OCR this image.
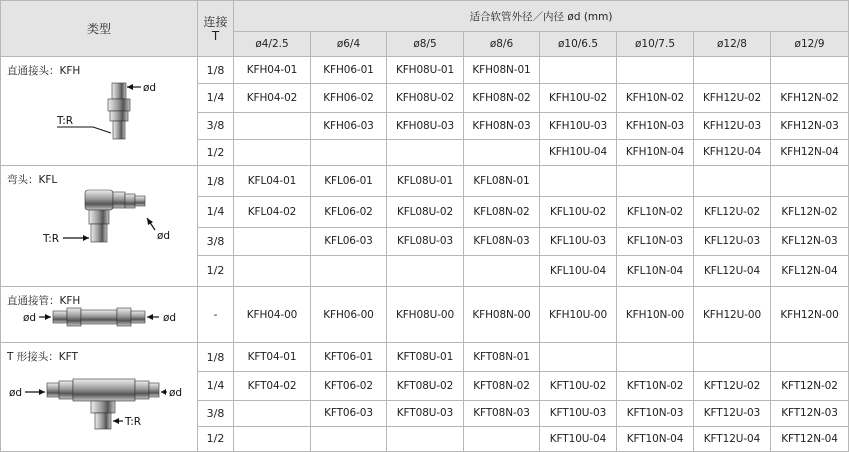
类型	连接
T	适合软管外径／内径 ød (mm)							
		ø4/2.5	ø6/4	ø8/5	ø8/6	ø10/6.5	ø10/7.5	ø12/8	ø12/9

ød
T:R
直通接头：KFH	1/8	KFH04-01	KFH06-01	KFH08U-01	KFH08N-01				
	1/4	KFH04-02	KFH06-02	KFH08U-02	KFH08N-02	KFH10U-02	KFH10N-02	KFH12U-02	KFH12N-02
	3/8		KFH06-03	KFH08U-03	KFH08N-03	KFH10U-03	KFH10N-03	KFH12U-03	KFH12N-03
	1/2					KFH10U-04	KFH10N-04	KFH12U-04	KFH12N-04

ød
T:R
弯头：KFL	1/8	KFL04-01	KFL06-01	KFL08U-01	KFL08N-01				
	1/4	KFL04-02	KFL06-02	KFL08U-02	KFL08N-02	KFL10U-02	KFL10N-02	KFL12U-02	KFL12N-02
	3/8		KFL06-03	KFL08U-03	KFL08N-03	KFL10U-03	KFL10N-03	KFL12U-03	KFL12N-03
	1/2					KFL10U-04	KFL10N-04	KFL12U-04	KFL12N-04

ød ød
直通接管：KFH	-	KFH04-00	KFH06-00	KFH08U-00	KFH08N-00	KFH10U-00	KFH10N-00	KFH12U-00	KFH12N-00

ød ød
T:R
T 形接头：KFT	1/8	KFT04-01	KFT06-01	KFT08U-01	KFT08N-01				
	1/4	KFT04-02	KFT06-02	KFT08U-02	KFT08N-02	KFT10U-02	KFT10N-02	KFT12U-02	KFT12N-02
	3/8		KFT06-03	KFT08U-03	KFT08N-03	KFT10U-03	KFT10N-03	KFT12U-03	KFT12N-03
	1/2					KFT10U-04	KFT10N-04	KFT12U-04	KFT12N-04
